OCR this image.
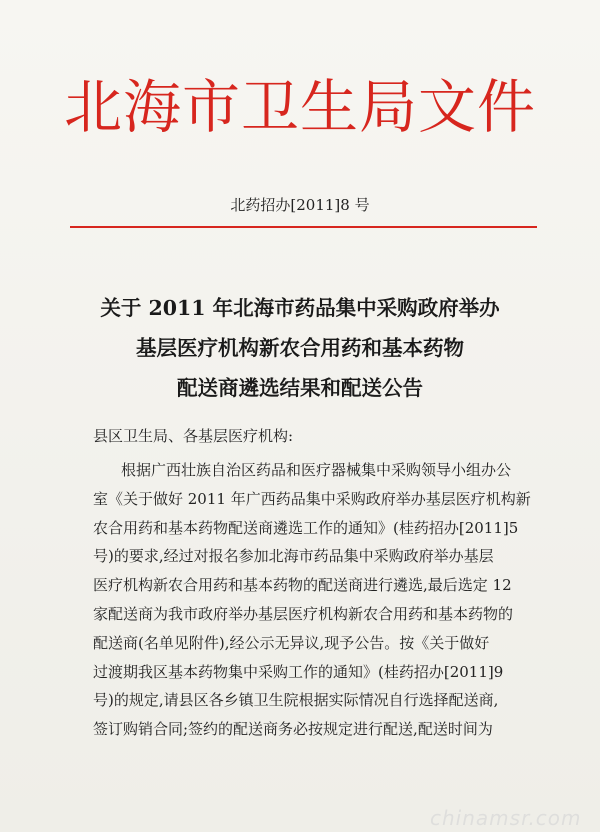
北海市卫生局文件
北药招办[2011]8 号
关于 2011 年北海市药品集中采购政府举办
基层医疗机构新农合用药和基本药物
配送商遴选结果和配送公告
县区卫生局、各基层医疗机构:
根据广西壮族自治区药品和医疗器械集中采购领导小组办公
室《关于做好 2011 年广西药品集中采购政府举办基层医疗机构新
农合用药和基本药物配送商遴选工作的通知》(桂药招办[2011]5
号)的要求,经过对报名参加北海市药品集中采购政府举办基层
医疗机构新农合用药和基本药物的配送商进行遴选,最后选定 12
家配送商为我市政府举办基层医疗机构新农合用药和基本药物的
配送商(名单见附件),经公示无异议,现予公告。按《关于做好
过渡期我区基本药物集中采购工作的通知》(桂药招办[2011]9
号)的规定,请县区各乡镇卫生院根据实际情况自行选择配送商,
签订购销合同;签约的配送商务必按规定进行配送,配送时间为
chinamsr.com
